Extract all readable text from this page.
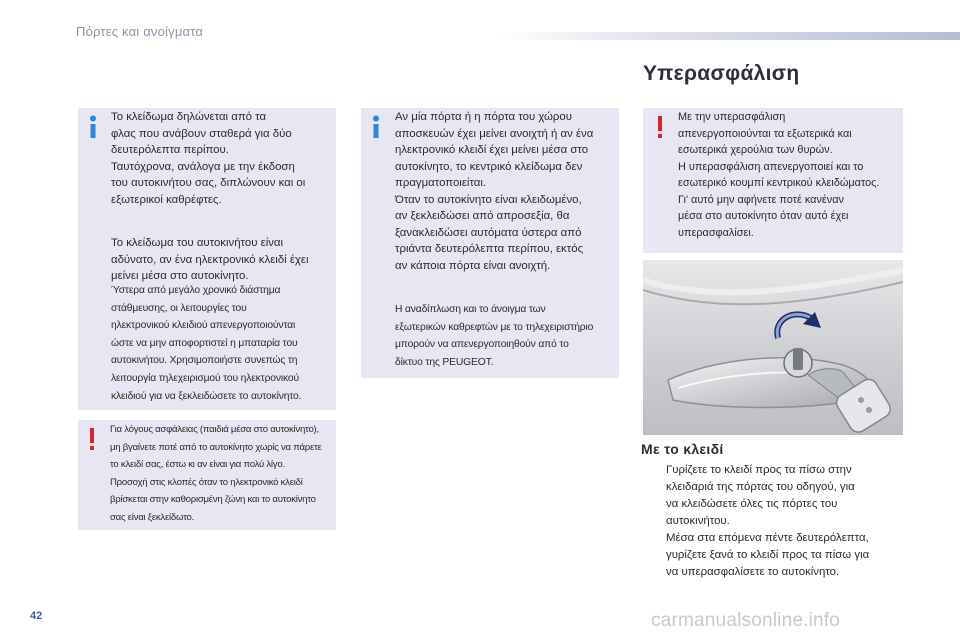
Πόρτες και ανοίγματα
Το κλείδωμα δηλώνεται από τα
φλας που ανάβουν σταθερά για δύο
δευτερόλεπτα περίπου.
Ταυτόχρονα, ανάλογα με την έκδοση
του αυτοκινήτου σας, διπλώνουν και οι
εξωτερικοί καθρέφτες.
Το κλείδωμα του αυτοκινήτου είναι
αδύνατο, αν ένα ηλεκτρονικό κλειδί έχει
μείνει μέσα στο αυτοκίνητο.
Ύστερα από μεγάλο χρονικό διάστημα
στάθμευσης, οι λειτουργίες του
ηλεκτρονικού κλειδιού απενεργοποιούνται
ώστε να μην αποφορτιστεί η μπαταρία του
αυτοκινήτου. Χρησιμοποιήστε συνεπώς τη
λειτουργία τηλεχειρισμού του ηλεκτρονικού
κλειδιού για να ξεκλειδώσετε το αυτοκίνητο.
Για λόγους ασφάλειας (παιδιά μέσα στο αυτοκίνητο),
μη βγαίνετε ποτέ από το αυτοκίνητο χωρίς να πάρετε
το κλειδί σας, έστω κι αν είναι για πολύ λίγο.
Προσοχή στις κλοπές όταν το ηλεκτρονικό κλειδί
βρίσκεται στην καθορισμένη ζώνη και το αυτοκίνητο
σας είναι ξεκλείδωτο.
Αν μία πόρτα ή η πόρτα του χώρου
αποσκευών έχει μείνει ανοιχτή ή αν ένα
ηλεκτρονικό κλειδί έχει μείνει μέσα στο
αυτοκίνητο, το κεντρικό κλείδωμα δεν
πραγματοποιείται.
Όταν το αυτοκίνητο είναι κλειδωμένο,
αν ξεκλειδώσει από απροσεξία, θα
ξανακλειδώσει αυτόματα ύστερα από
τριάντα δευτερόλεπτα περίπου, εκτός
αν κάποια πόρτα είναι ανοιχτή.
Η αναδίπλωση και το άνοιγμα των
εξωτερικών καθρεφτών με το τηλεχειριστήριο
μπορούν να απενεργοποιηθούν από το
δίκτυο της PEUGEOT.
Υπερασφάλιση
Με την υπερασφάλιση
απενεργοποιούνται τα εξωτερικά και
εσωτερικά χερούλια των θυρών.
Η υπερασφάλιση απενεργοποιεί και το
εσωτερικό κουμπί κεντρικού κλειδώματος.
Γι' αυτό μην αφήνετε ποτέ κανέναν
μέσα στο αυτοκίνητο όταν αυτό έχει
υπερασφαλίσει.
Με το κλειδί
Γυρίζετε το κλειδί προς τα πίσω στην
κλειδαριά της πόρτας του οδηγού, για
να κλειδώσετε όλες τις πόρτες του
αυτοκινήτου.
Μέσα στα επόμενα πέντε δευτερόλεπτα,
γυρίζετε ξανά το κλειδί προς τα πίσω για
να υπερασφαλίσετε το αυτοκίνητο.
42	carmanualsonline.info
